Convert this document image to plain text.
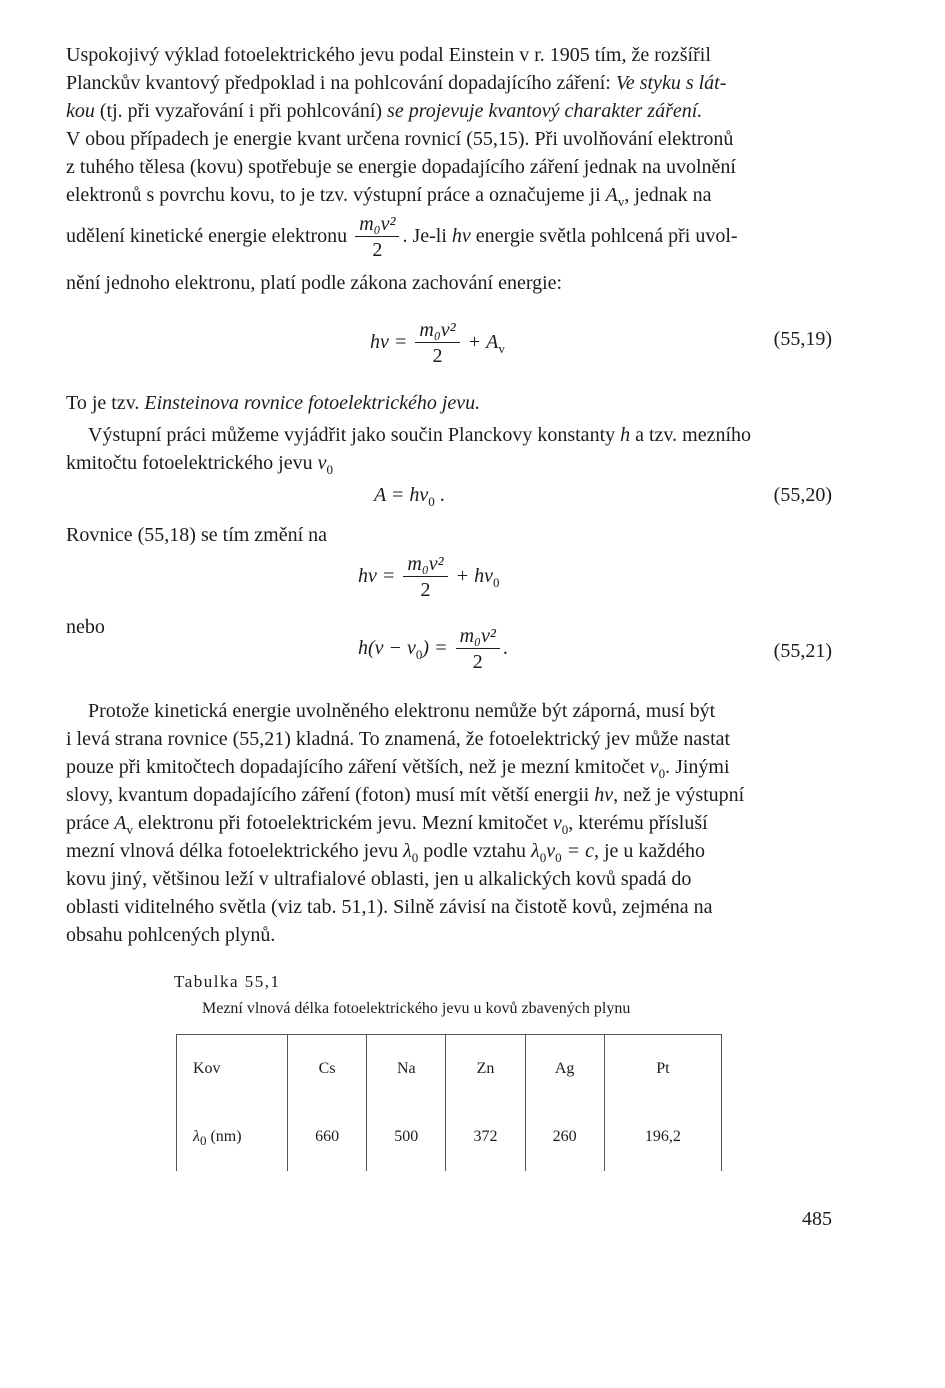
Uspokojivý výklad fotoelektrického jevu podal Einstein v r. 1905 tím, že rozšířil
Planckův kvantový předpoklad i na pohlcování dopadajícího záření: Ve styku s lát-
kou (tj. při vyzařování i při pohlcování) se projevuje kvantový charakter záření.
V obou případech je energie kvant určena rovnicí (55,15). Při uvolňování elektronů
z tuhého tělesa (kovu) spotřebuje se energie dopadajícího záření jednak na uvolnění
elektronů s povrchu kovu, to je tzv. výstupní práce a označujeme ji $A_v$, jednak na
udělení kinetické energie elektronu $\frac{\text{m₀v²}}{2}$ . Je-li hν energie světla pohlcená při uvol-
nění jednoho elektronu, platí podle zákona zachování energie:
$h\nu = \frac{\text{m₀v²}}{2} + A_v$	(55,19)
To je tzv. Einsteinova rovnice fotoelektrického jevu.
Výstupní práci můžeme vyjádřit jako součin Planckovy konstanty h a tzv. mezního
kmitočtu fotoelektrického jevu $\nu_0$
$A = h\nu_0$ .	(55,20)
Rovnice (55,18) se tím změní na
$h\nu = \frac{\text{m₀v²}}{2} + h\nu_0$
nebo
$h(\nu - \nu_0) = \frac{\text{m₀v²}}{2}$ .	(55,21)
Protože kinetická energie uvolněného elektronu nemůže být záporná, musí být
i levá strana rovnice (55,21) kladná. To znamená, že fotoelektrický jev může nastat
pouze při kmitočtech dopadajícího záření větších, než je mezní kmitočet $\nu_0$. Jinými
slovy, kvantum dopadajícího záření (foton) musí mít větší energii hν, než je výstupní
práce $A_v$ elektronu při fotoelektrickém jevu. Mezní kmitočet $\nu_0$, kterému přísluší
mezní vlnová délka fotoelektrického jevu $\lambda_0$ podle vztahu $\lambda_0\nu_0 = c$, je u každého
kovu jiný, většinou leží v ultrafialové oblasti, jen u alkalických kovů spadá do
oblasti viditelného světla (viz tab. 51,1). Silně závisí na čistotě kovů, zejména na
obsahu pohlcených plynů.
Tabulka 55,1
Mezní vlnová délka fotoelektrického jevu u kovů zbavených plynu
Kov	Cs	Na	Zn	Ag	Pt
$\lambda_0$ (nm)	660	500	372	260	196,2
485
